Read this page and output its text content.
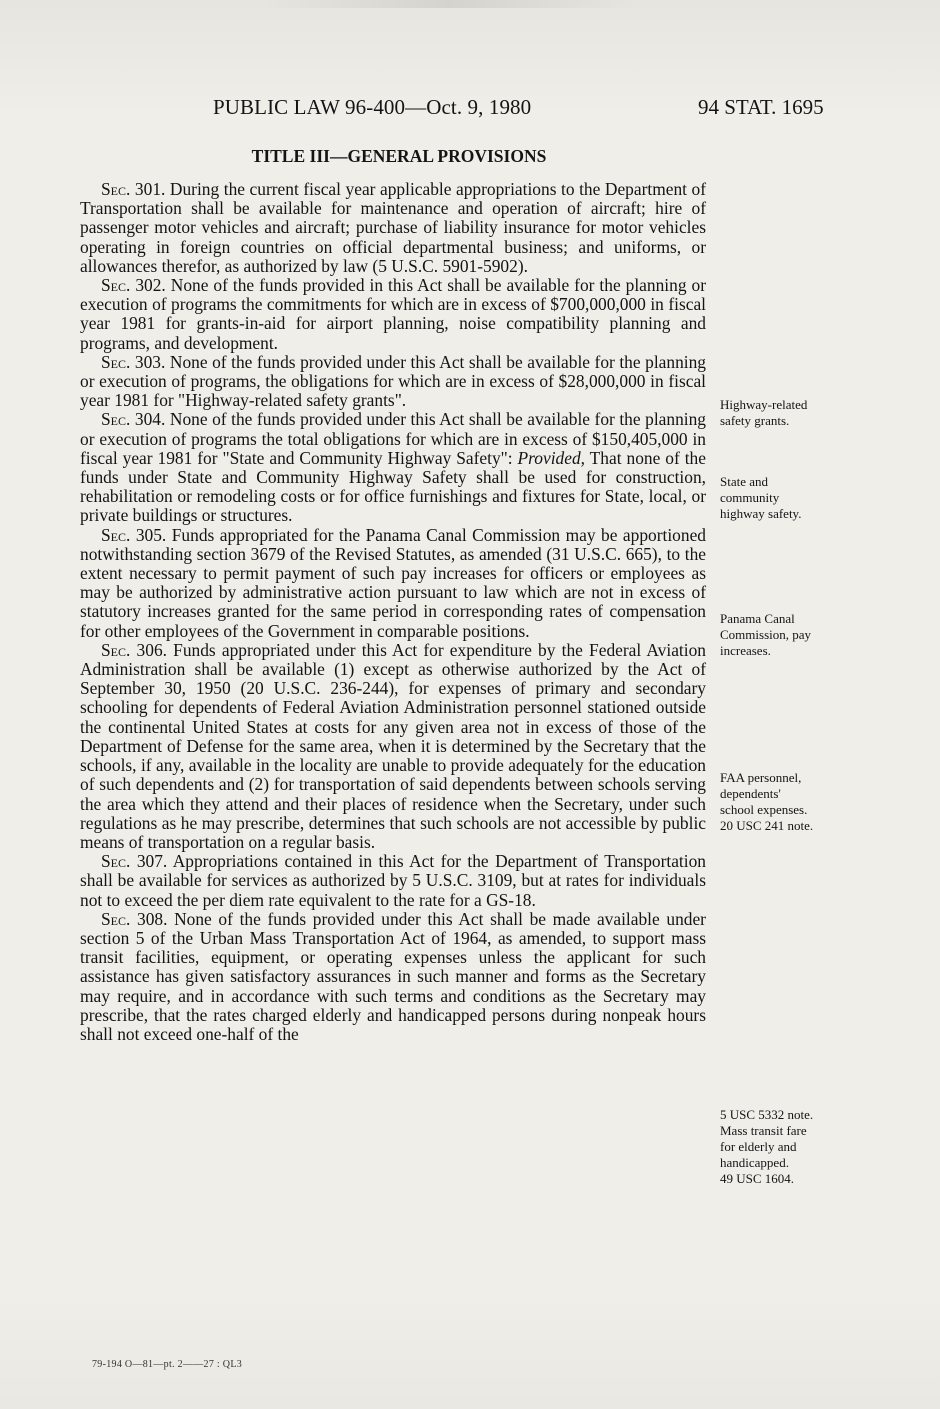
PUBLIC LAW 96-400—Oct. 9, 1980	94 STAT. 1695
TITLE III—GENERAL PROVISIONS

Sec. 301. During the current fiscal year applicable appropriations to the Department of Transportation shall be available for maintenance and operation of aircraft; hire of passenger motor vehicles and aircraft; purchase of liability insurance for motor vehicles operating in foreign countries on official departmental business; and uniforms, or allowances therefor, as authorized by law (5 U.S.C. 5901-5902).

Sec. 302. None of the funds provided in this Act shall be available for the planning or execution of programs the commitments for which are in excess of $700,000,000 in fiscal year 1981 for grants-in-aid for airport planning, noise compatibility planning and programs, and development.

Sec. 303. None of the funds provided under this Act shall be available for the planning or execution of programs, the obligations for which are in excess of $28,000,000 in fiscal year 1981 for "Highway-related safety grants".

Sec. 304. None of the funds provided under this Act shall be available for the planning or execution of programs the total obligations for which are in excess of $150,405,000 in fiscal year 1981 for "State and Community Highway Safety": Provided, That none of the funds under State and Community Highway Safety shall be used for construction, rehabilitation or remodeling costs or for office furnishings and fixtures for State, local, or private buildings or structures.

Sec. 305. Funds appropriated for the Panama Canal Commission may be apportioned notwithstanding section 3679 of the Revised Statutes, as amended (31 U.S.C. 665), to the extent necessary to permit payment of such pay increases for officers or employees as may be authorized by administrative action pursuant to law which are not in excess of statutory increases granted for the same period in corresponding rates of compensation for other employees of the Government in comparable positions.

Sec. 306. Funds appropriated under this Act for expenditure by the Federal Aviation Administration shall be available (1) except as otherwise authorized by the Act of September 30, 1950 (20 U.S.C. 236-244), for expenses of primary and secondary schooling for dependents of Federal Aviation Administration personnel stationed outside the continental United States at costs for any given area not in excess of those of the Department of Defense for the same area, when it is determined by the Secretary that the schools, if any, available in the locality are unable to provide adequately for the education of such dependents and (2) for transportation of said dependents between schools serving the area which they attend and their places of residence when the Secretary, under such regulations as he may prescribe, determines that such schools are not accessible by public means of transportation on a regular basis.

Sec. 307. Appropriations contained in this Act for the Department of Transportation shall be available for services as authorized by 5 U.S.C. 3109, but at rates for individuals not to exceed the per diem rate equivalent to the rate for a GS-18.

Sec. 308. None of the funds provided under this Act shall be made available under section 5 of the Urban Mass Transportation Act of 1964, as amended, to support mass transit facilities, equipment, or operating expenses unless the applicant for such assistance has given satisfactory assurances in such manner and forms as the Secretary may require, and in accordance with such terms and conditions as the Secretary may prescribe, that the rates charged elderly and handicapped persons during nonpeak hours shall not exceed one-half of the

Highway-related
safety grants.
State and
community
highway safety.
Panama Canal
Commission, pay
increases.
FAA personnel,
dependents'
school expenses.
20 USC 241 note.
5 USC 5332 note.
Mass transit fare
for elderly and
handicapped.
49 USC 1604.
79-194 O—81—pt. 2——27 : QL3
